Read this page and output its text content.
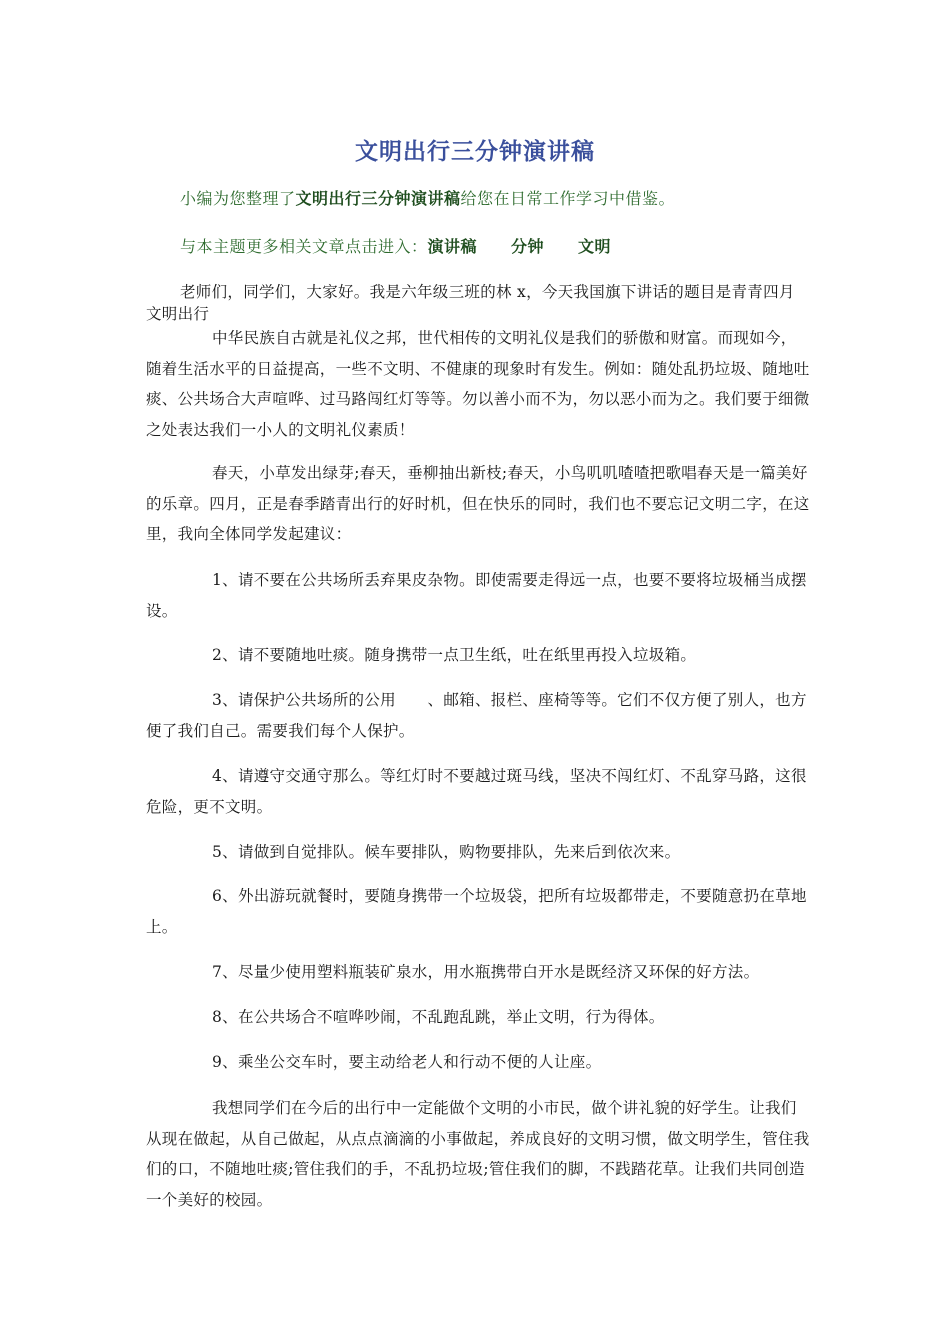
文明出行三分钟演讲稿
小编为您整理了文明出行三分钟演讲稿给您在日常工作学习中借鉴。
与本主题更多相关文章点击进入：演讲稿 分钟 文明

老师们，同学们，大家好。我是六年级三班的林 x，今天我国旗下讲话的题目是青青四月文明出行

中华民族自古就是礼仪之邦，世代相传的文明礼仪是我们的骄傲和财富。而现如今，随着生活水平的日益提高，一些不文明、不健康的现象时有发生。例如：随处乱扔垃圾、随地吐痰、公共场合大声喧哗、过马路闯红灯等等。勿以善小而不为，勿以恶小而为之。我们要于细微之处表达我们一小人的文明礼仪素质！

春天，小草发出绿芽;春天，垂柳抽出新枝;春天，小鸟叽叽喳喳把歌唱春天是一篇美好的乐章。四月，正是春季踏青出行的好时机，但在快乐的同时，我们也不要忘记文明二字，在这里，我向全体同学发起建议：

1、请不要在公共场所丢弃果皮杂物。即使需要走得远一点，也要不要将垃圾桶当成摆设。

2、请不要随地吐痰。随身携带一点卫生纸，吐在纸里再投入垃圾箱。

3、请保护公共场所的公用　　、邮箱、报栏、座椅等等。它们不仅方便了别人，也方便了我们自己。需要我们每个人保护。

4、请遵守交通守那么。等红灯时不要越过斑马线，坚决不闯红灯、不乱穿马路，这很危险，更不文明。

5、请做到自觉排队。候车要排队，购物要排队，先来后到依次来。

6、外出游玩就餐时，要随身携带一个垃圾袋，把所有垃圾都带走，不要随意扔在草地上。

7、尽量少使用塑料瓶装矿泉水，用水瓶携带白开水是既经济又环保的好方法。

8、在公共场合不喧哗吵闹，不乱跑乱跳，举止文明，行为得体。

9、乘坐公交车时，要主动给老人和行动不便的人让座。

我想同学们在今后的出行中一定能做个文明的小市民，做个讲礼貌的好学生。让我们从现在做起，从自己做起，从点点滴滴的小事做起，养成良好的文明习惯，做文明学生，管住我们的口，不随地吐痰;管住我们的手，不乱扔垃圾;管住我们的脚，不践踏花草。让我们共同创造一个美好的校园。
